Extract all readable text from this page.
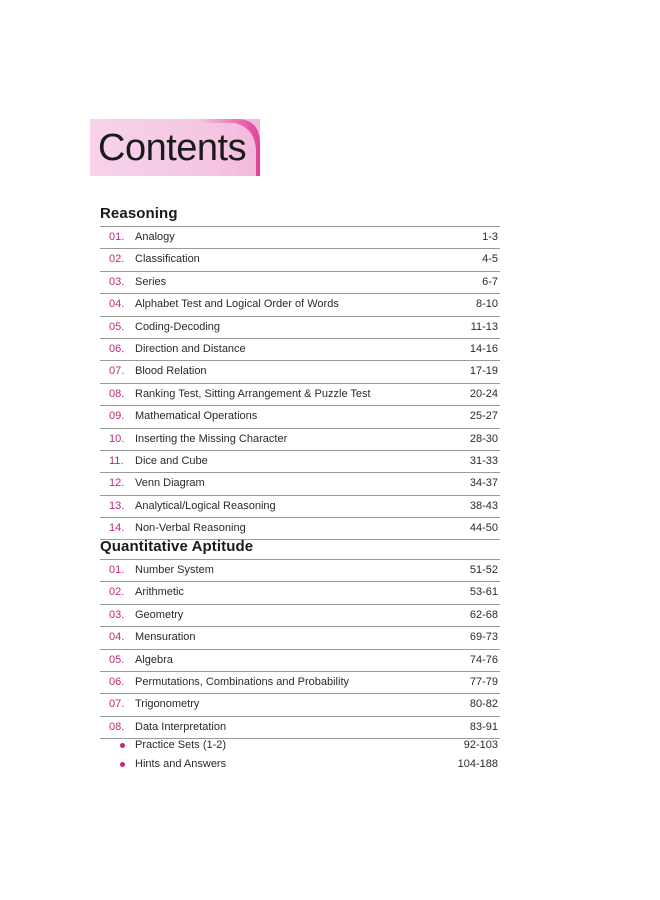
Contents
Reasoning
01. Analogy	1-3
02. Classification	4-5
03. Series	6-7
04. Alphabet Test and Logical Order of Words	8-10
05. Coding-Decoding	11-13
06. Direction and Distance	14-16
07. Blood Relation	17-19
08. Ranking Test, Sitting Arrangement & Puzzle Test	20-24
09. Mathematical Operations	25-27
10. Inserting the Missing Character	28-30
11. Dice and Cube	31-33
12. Venn Diagram	34-37
13. Analytical/Logical Reasoning	38-43
14. Non-Verbal Reasoning	44-50
Quantitative Aptitude
01. Number System	51-52
02. Arithmetic	53-61
03. Geometry	62-68
04. Mensuration	69-73
05. Algebra	74-76
06. Permutations, Combinations and Probability	77-79
07. Trigonometry	80-82
08. Data Interpretation	83-91
Practice Sets (1-2)	92-103
Hints and Answers	104-188
